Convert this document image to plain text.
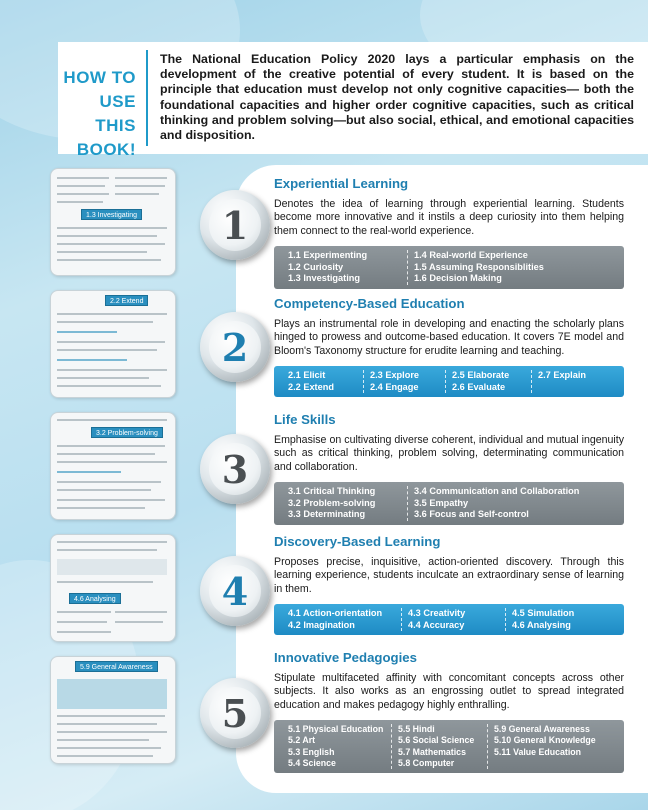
HOW TO
USE THIS
BOOK!
The National Education Policy 2020 lays a particular emphasis on the development of the creative potential of every student. It is based on the principle that education must develop not only cognitive capacities— both the foundational capacities and higher order cognitive capacities, such as critical thinking and problem solving—but also social, ethical, and emotional capacities and disposition.
1.3 Investigating
2.2 Extend
3.2 Problem-solving
4.6 Analysing
5.9 General Awareness
1
2
3
4
5
Experiential Learning
Denotes the idea of learning through experiential learning. Students become more innovative and it instils a deep curiosity into them helping them connect to the real-world experience.
1.1 Experimenting
1.2 Curiosity
1.3 Investigating
1.4 Real-world Experience
1.5 Assuming Responsiblities
1.6 Decision Making
Competency-Based Education
Plays an instrumental role in developing and enacting the scholarly plans hinged to prowess and outcome-based education. It covers 7E model and Bloom's Taxonomy structure for erudite learning and teaching.
2.1 Elicit
2.2 Extend
2.3 Explore
2.4 Engage
2.5 Elaborate
2.6 Evaluate
2.7 Explain
Life Skills
Emphasise on cultivating diverse coherent, individual and mutual ingenuity such as critical thinking, problem solving, determinating communication and collaboration.
3.1 Critical Thinking
3.2 Problem-solving
3.3 Determinating
3.4 Communication and Collaboration
3.5 Empathy
3.6 Focus and Self-control
Discovery-Based Learning
Proposes precise, inquisitive, action-oriented discovery. Through this learning experience, students inculcate an extraordinary sense of learning in them.
4.1 Action-orientation
4.2 Imagination
4.3 Creativity
4.4 Accuracy
4.5 Simulation
4.6 Analysing
Innovative Pedagogies
Stipulate multifaceted affinity with concomitant concepts across other subjects. It also works as an engrossing outlet to spread integrated education and makes pedagogy highly enthralling.
5.1 Physical Education
5.2 Art
5.3 English
5.4 Science
5.5 Hindi
5.6 Social Science
5.7 Mathematics
5.8 Computer
5.9 General Awareness
5.10 General Knowledge
5.11 Value Education
